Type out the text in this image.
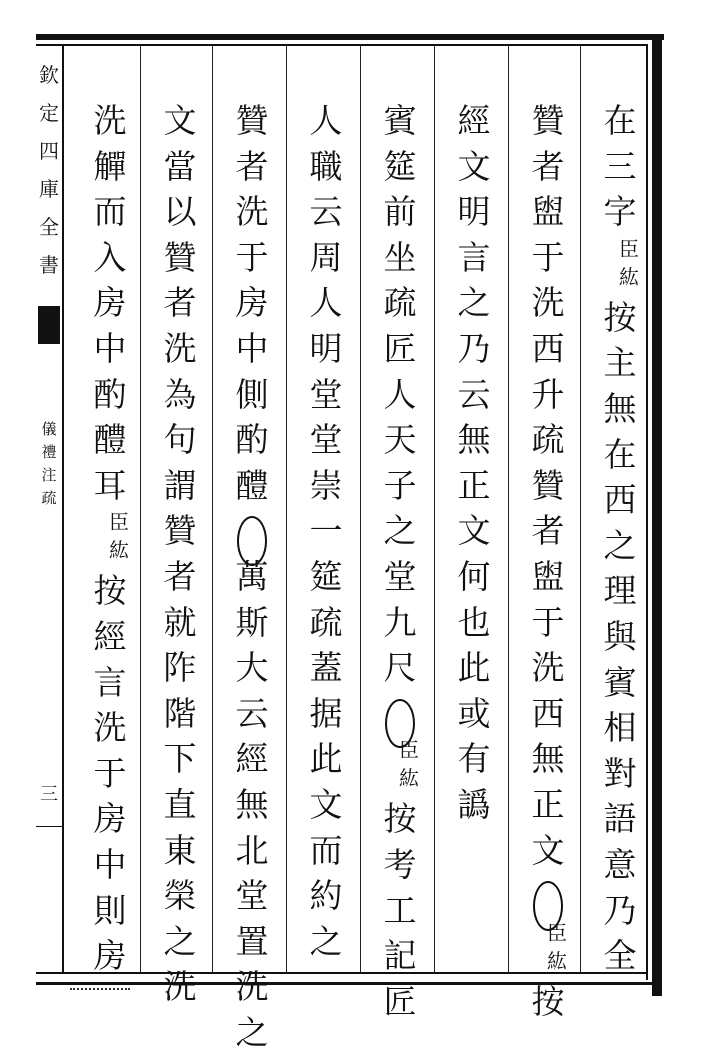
欽
定
四
庫
全
書
儀
禮
注
疏
三
在
三
字
臣
紘
按
主
無
在
西
之
理
與
賓
相
對
語
意
乃
全
贊
者
盥
于
洗
西
升
疏
贊
者
盥
于
洗
西
無
正
文
臣
紘
按
經
文
明
言
之
乃
云
無
正
文
何
也
此
或
有
譌
賓
筵
前
坐
疏
匠
人
天
子
之
堂
九
尺
臣
紘
按
考
工
記
匠
人
職
云
周
人
明
堂
堂
崇
一
筵
疏
蓋
据
此
文
而
約
之
贊
者
洗
于
房
中
側
酌
醴
萬
斯
大
云
經
無
北
堂
置
洗
之
文
當
以
贊
者
洗
為
句
謂
贊
者
就
阼
階
下
直
東
榮
之
洗
洗
觶
而
入
房
中
酌
醴
耳
臣
紘
按
經
言
洗
于
房
中
則
房
